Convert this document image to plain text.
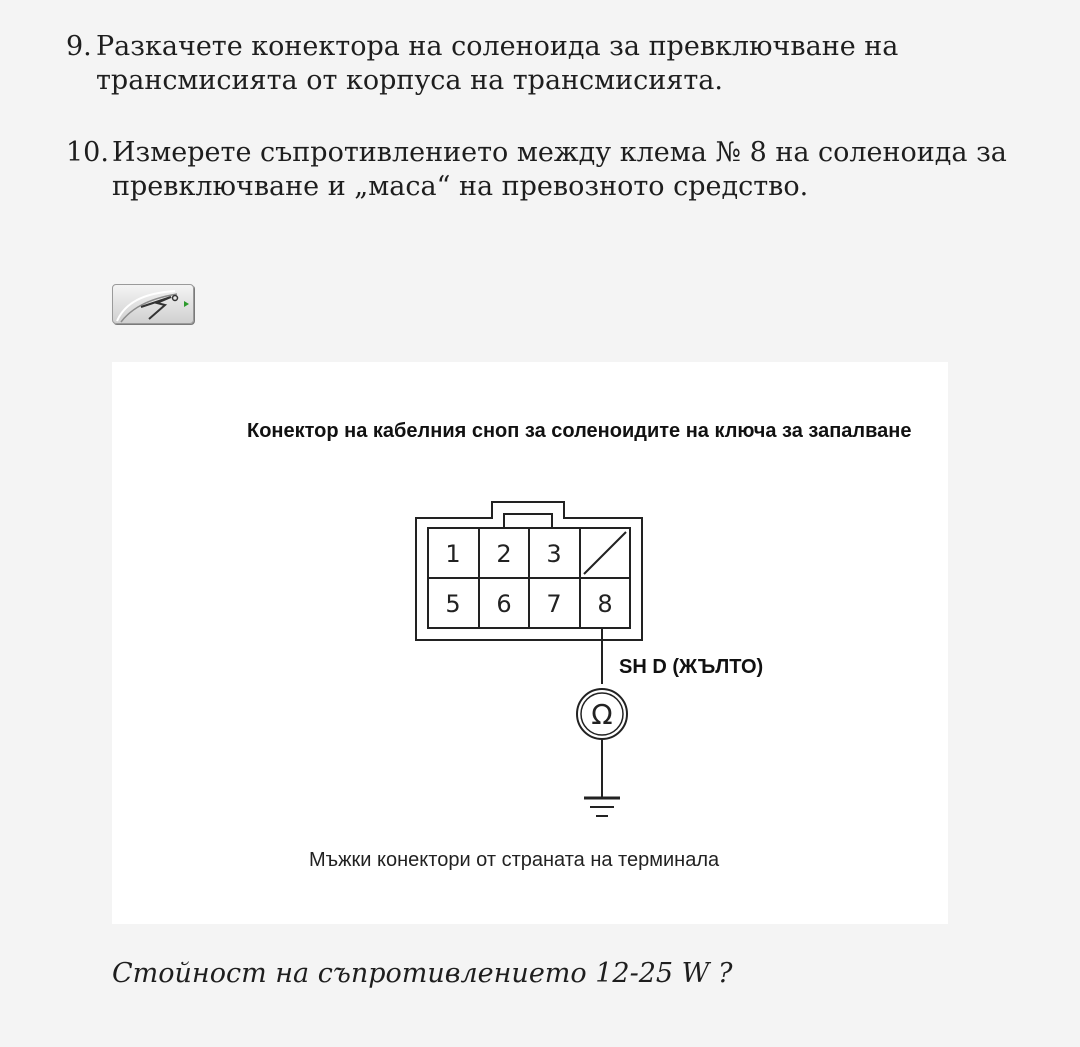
9. Разкачете конектора на соленоида за превключване на трансмисията от корпуса на трансмисията.
10. Измерете съпротивлението между клема № 8 на соленоида за превключване и „маса“ на превозното средство.
Конектор на кабелния сноп за соленоидите на ключа за запалване
1 2 3
5 6 7 8
Ω
SH D (ЖЪЛТО)
Мъжки конектори от страната на терминала
Стойност на съпротивлението 12-25 W ?
